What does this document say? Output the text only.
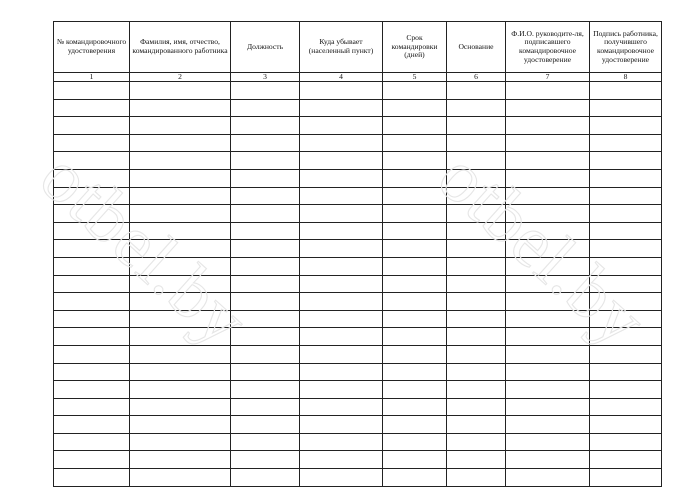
№ командировочного удостоверения	Фамилия, имя, отчество, командированного работника	Должность	Куда убывает (населенный пункт)	Срок командировки (дней)	Основание	Ф.И.О. руководите-ля, подписавшего командировочное удостоверение	Подпись работника, получившего командировочное удостоверение
1	2	3	4	5	6	7	8

otbel.by otbel.by
